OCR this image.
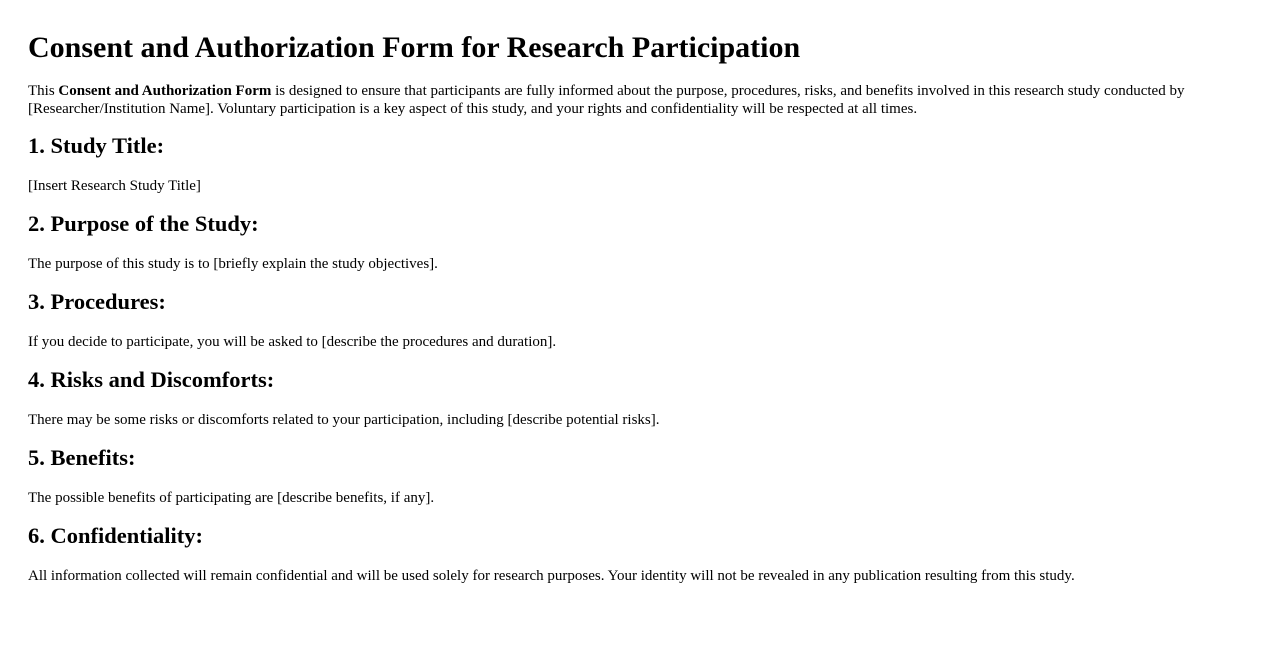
Consent and Authorization Form for Research Participation

This Consent and Authorization Form is designed to ensure that participants are fully informed about the purpose, procedures, risks, and benefits involved in this research study conducted by [Researcher/Institution Name]. Voluntary participation is a key aspect of this study, and your rights and confidentiality will be respected at all times.

1. Study Title:

[Insert Research Study Title]

2. Purpose of the Study:

The purpose of this study is to [briefly explain the study objectives].

3. Procedures:

If you decide to participate, you will be asked to [describe the procedures and duration].

4. Risks and Discomforts:

There may be some risks or discomforts related to your participation, including [describe potential risks].

5. Benefits:

The possible benefits of participating are [describe benefits, if any].

6. Confidentiality:

All information collected will remain confidential and will be used solely for research purposes. Your identity will not be revealed in any publication resulting from this study.
